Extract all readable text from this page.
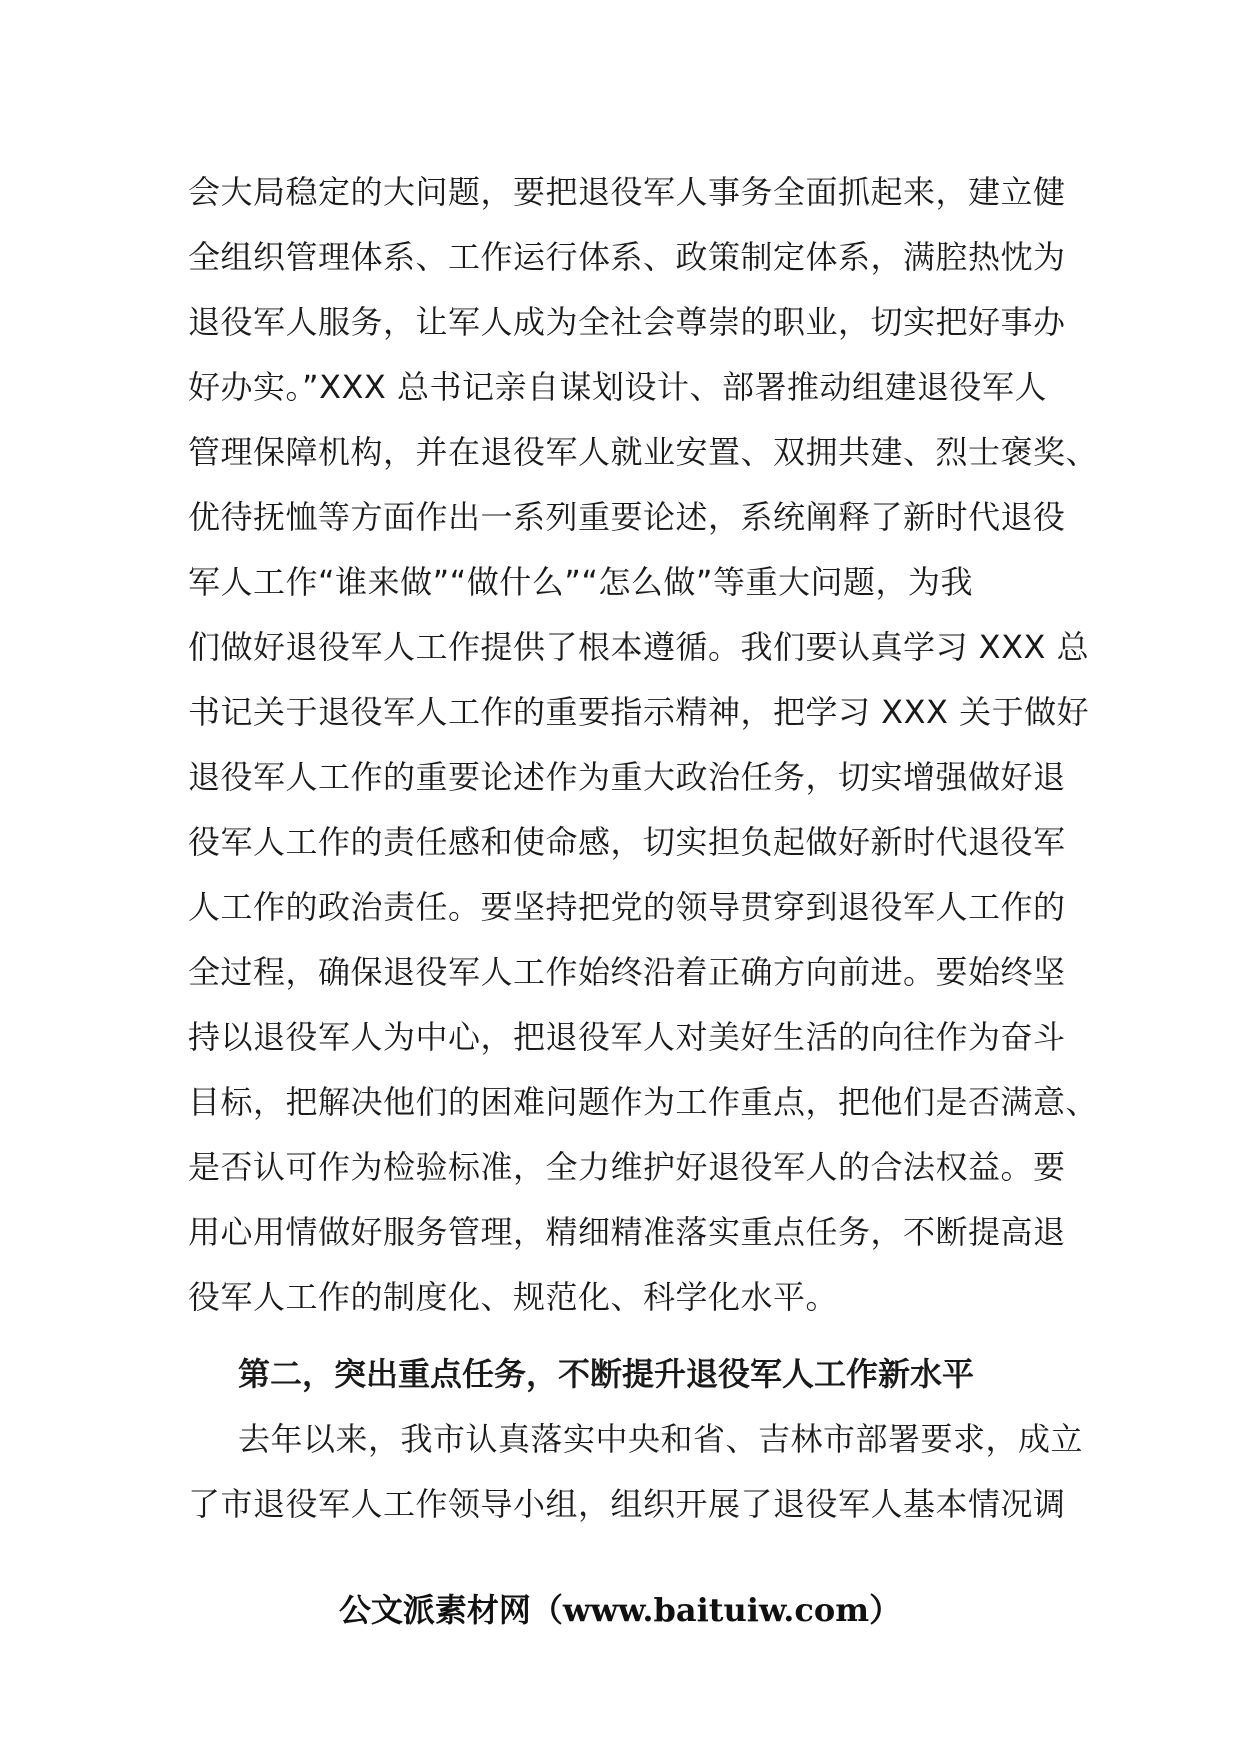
会大局稳定的大问题，要把退役军人事务全面抓起来，建立健
全组织管理体系、工作运行体系、政策制定体系，满腔热忱为
退役军人服务，让军人成为全社会尊崇的职业，切实把好事办
好办实。”XXX 总书记亲自谋划设计、部署推动组建退役军人
管理保障机构，并在退役军人就业安置、双拥共建、烈士褒奖、
优待抚恤等方面作出一系列重要论述，系统阐释了新时代退役
军人工作“谁来做”“做什么”“怎么做”等重大问题，为我
们做好退役军人工作提供了根本遵循。我们要认真学习 XXX 总
书记关于退役军人工作的重要指示精神，把学习 XXX 关于做好
退役军人工作的重要论述作为重大政治任务，切实增强做好退
役军人工作的责任感和使命感，切实担负起做好新时代退役军
人工作的政治责任。要坚持把党的领导贯穿到退役军人工作的
全过程，确保退役军人工作始终沿着正确方向前进。要始终坚
持以退役军人为中心，把退役军人对美好生活的向往作为奋斗
目标，把解决他们的困难问题作为工作重点，把他们是否满意、
是否认可作为检验标准，全力维护好退役军人的合法权益。要
用心用情做好服务管理，精细精准落实重点任务，不断提高退
役军人工作的制度化、规范化、科学化水平。
第二，突出重点任务，不断提升退役军人工作新水平
去年以来，我市认真落实中央和省、吉林市部署要求，成立
了市退役军人工作领导小组，组织开展了退役军人基本情况调
公文派素材网（www.baituiw.com）
